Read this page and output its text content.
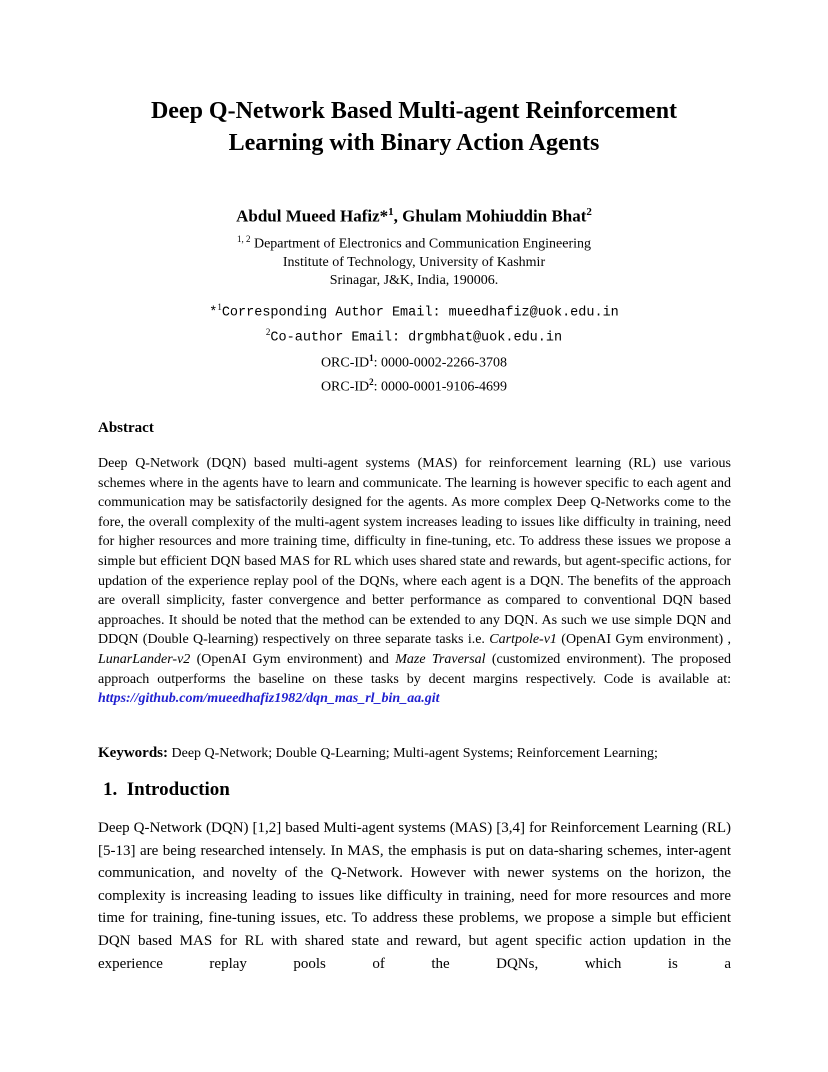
Deep Q-Network Based Multi-agent Reinforcement
Learning with Binary Action Agents
Abdul Mueed Hafiz*$^1$, Ghulam Mohiuddin Bhat$^2$
$^{1, 2}$ Department of Electronics and Communication Engineering
Institute of Technology, University of Kashmir
Srinagar, J&K, India, 190006.
*$^1$Corresponding Author Email: mueedhafiz@uok.edu.in
$^2$Co-author Email: drgmbhat@uok.edu.in
ORC-$ID^1$: 0000-0002-2266-3708
ORC-$ID^2$: 0000-0001-9106-4699
Abstract
Deep Q-Network (DQN) based multi-agent systems (MAS) for reinforcement learning (RL) use various schemes where in the agents have to learn and communicate. The learning is however specific to each agent and communication may be satisfactorily designed for the agents. As more complex Deep Q-Networks come to the fore, the overall complexity of the multi-agent system increases leading to issues like difficulty in training, need for higher resources and more training time, difficulty in fine-tuning, etc. To address these issues we propose a simple but efficient DQN based MAS for RL which uses shared state and rewards, but agent-specific actions, for updation of the experience replay pool of the DQNs, where each agent is a DQN. The benefits of the approach are overall simplicity, faster convergence and better performance as compared to conventional DQN based approaches. It should be noted that the method can be extended to any DQN. As such we use simple DQN and DDQN (Double Q-learning) respectively on three separate tasks i.e. Cartpole-v1 (OpenAI Gym environment) , LunarLander-v2 (OpenAI Gym environment) and Maze Traversal (customized environment). The proposed approach outperforms the baseline on these tasks by decent margins respectively. Code is available at: https://github.com/mueedhafiz1982/dqn_mas_rl_bin_aa.git
Keywords: Deep Q-Network; Double Q-Learning; Multi-agent Systems; Reinforcement Learning;
1.  Introduction
Deep Q-Network (DQN) [1,2] based Multi-agent systems (MAS) [3,4] for Reinforcement Learning (RL) [5-13] are being researched intensely. In MAS, the emphasis is put on data-sharing schemes, inter-agent communication, and novelty of the Q-Network. However with newer systems on the horizon, the complexity is increasing leading to issues like difficulty in training, need for more resources and more time for training, fine-tuning issues, etc. To address these problems, we propose a simple but efficient DQN based MAS for RL with shared state and reward, but agent specific action updation in the experience replay pools of the DQNs, which is a
